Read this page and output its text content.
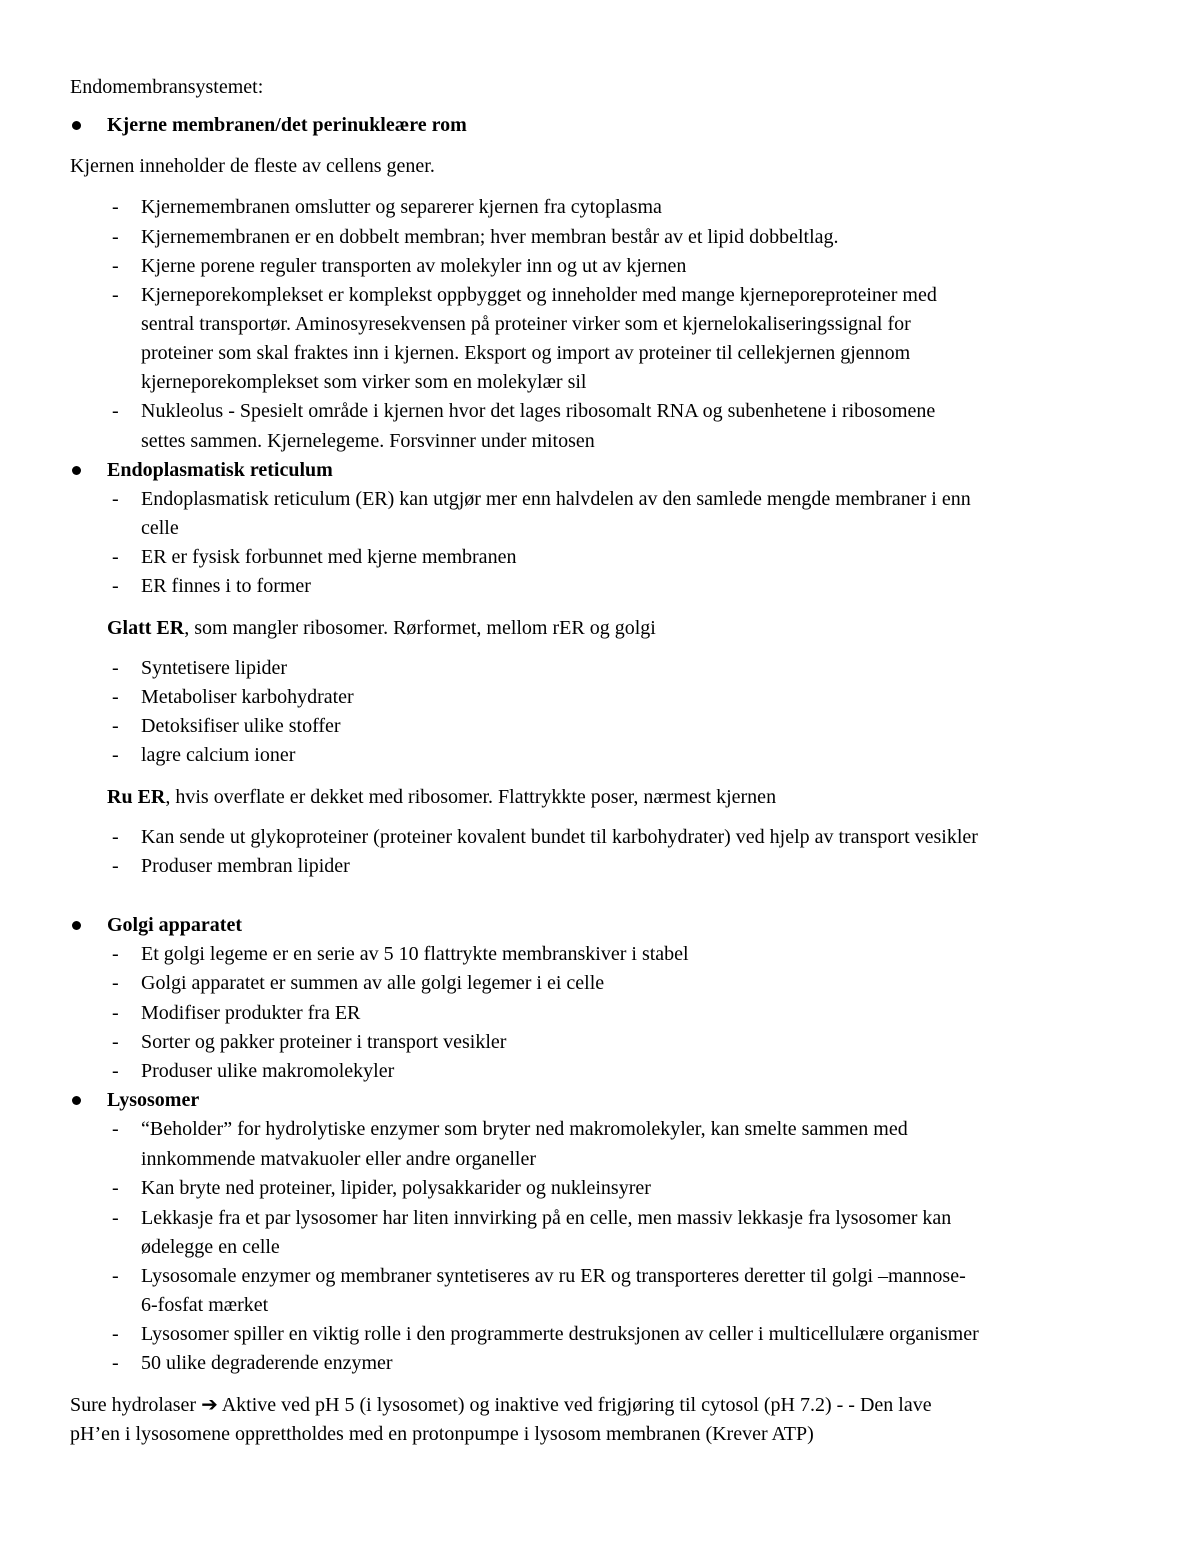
Endomembransystemet:
Kjerne membranen/det perinukleære rom
Kjernen inneholder de fleste av cellens gener.
- Kjernemembranen omslutter og separerer kjernen fra cytoplasma
- Kjernemembranen er en dobbelt membran; hver membran består av et lipid dobbeltlag.
- Kjerne porene reguler transporten av molekyler inn og ut av kjernen
- Kjerneporekomplekset er komplekst oppbygget og inneholder med mange kjerneporeproteiner med
sentral transportør. Aminosyresekvensen på proteiner virker som et kjernelokaliseringssignal for
proteiner som skal fraktes inn i kjernen. Eksport og import av proteiner til cellekjernen gjennom
kjerneporekomplekset som virker som en molekylær sil
- Nukleolus - Spesielt område i kjernen hvor det lages ribosomalt RNA og subenhetene i ribosomene
settes sammen. Kjernelegeme. Forsvinner under mitosen
Endoplasmatisk reticulum
- Endoplasmatisk reticulum (ER) kan utgjør mer enn halvdelen av den samlede mengde membraner i enn
celle
- ER er fysisk forbunnet med kjerne membranen
- ER finnes i to former
Glatt ER, som mangler ribosomer. Rørformet, mellom rER og golgi
- Syntetisere lipider
- Metaboliser karbohydrater
- Detoksifiser ulike stoffer
- lagre calcium ioner
Ru ER, hvis overflate er dekket med ribosomer. Flattrykkte poser, nærmest kjernen
- Kan sende ut glykoproteiner (proteiner kovalent bundet til karbohydrater) ved hjelp av transport vesikler
- Produser membran lipider
Golgi apparatet
- Et golgi legeme er en serie av 5 10 flattrykte membranskiver i stabel
- Golgi apparatet er summen av alle golgi legemer i ei celle
- Modifiser produkter fra ER
- Sorter og pakker proteiner i transport vesikler
- Produser ulike makromolekyler
Lysosomer
- “Beholder” for hydrolytiske enzymer som bryter ned makromolekyler, kan smelte sammen med
innkommende matvakuoler eller andre organeller
- Kan bryte ned proteiner, lipider, polysakkarider og nukleinsyrer
- Lekkasje fra et par lysosomer har liten innvirking på en celle, men massiv lekkasje fra lysosomer kan
ødelegge en celle
- Lysosomale enzymer og membraner syntetiseres av ru ER og transporteres deretter til golgi –mannose-
6-fosfat mærket
- Lysosomer spiller en viktig rolle i den programmerte destruksjonen av celler i multicellulære organismer
- 50 ulike degraderende enzymer
Sure hydrolaser ➔ Aktive ved pH 5 (i lysosomet) og inaktive ved frigjøring til cytosol (pH 7.2) - - Den lave
pH’en i lysosomene opprettholdes med en protonpumpe i lysosom membranen (Krever ATP)
